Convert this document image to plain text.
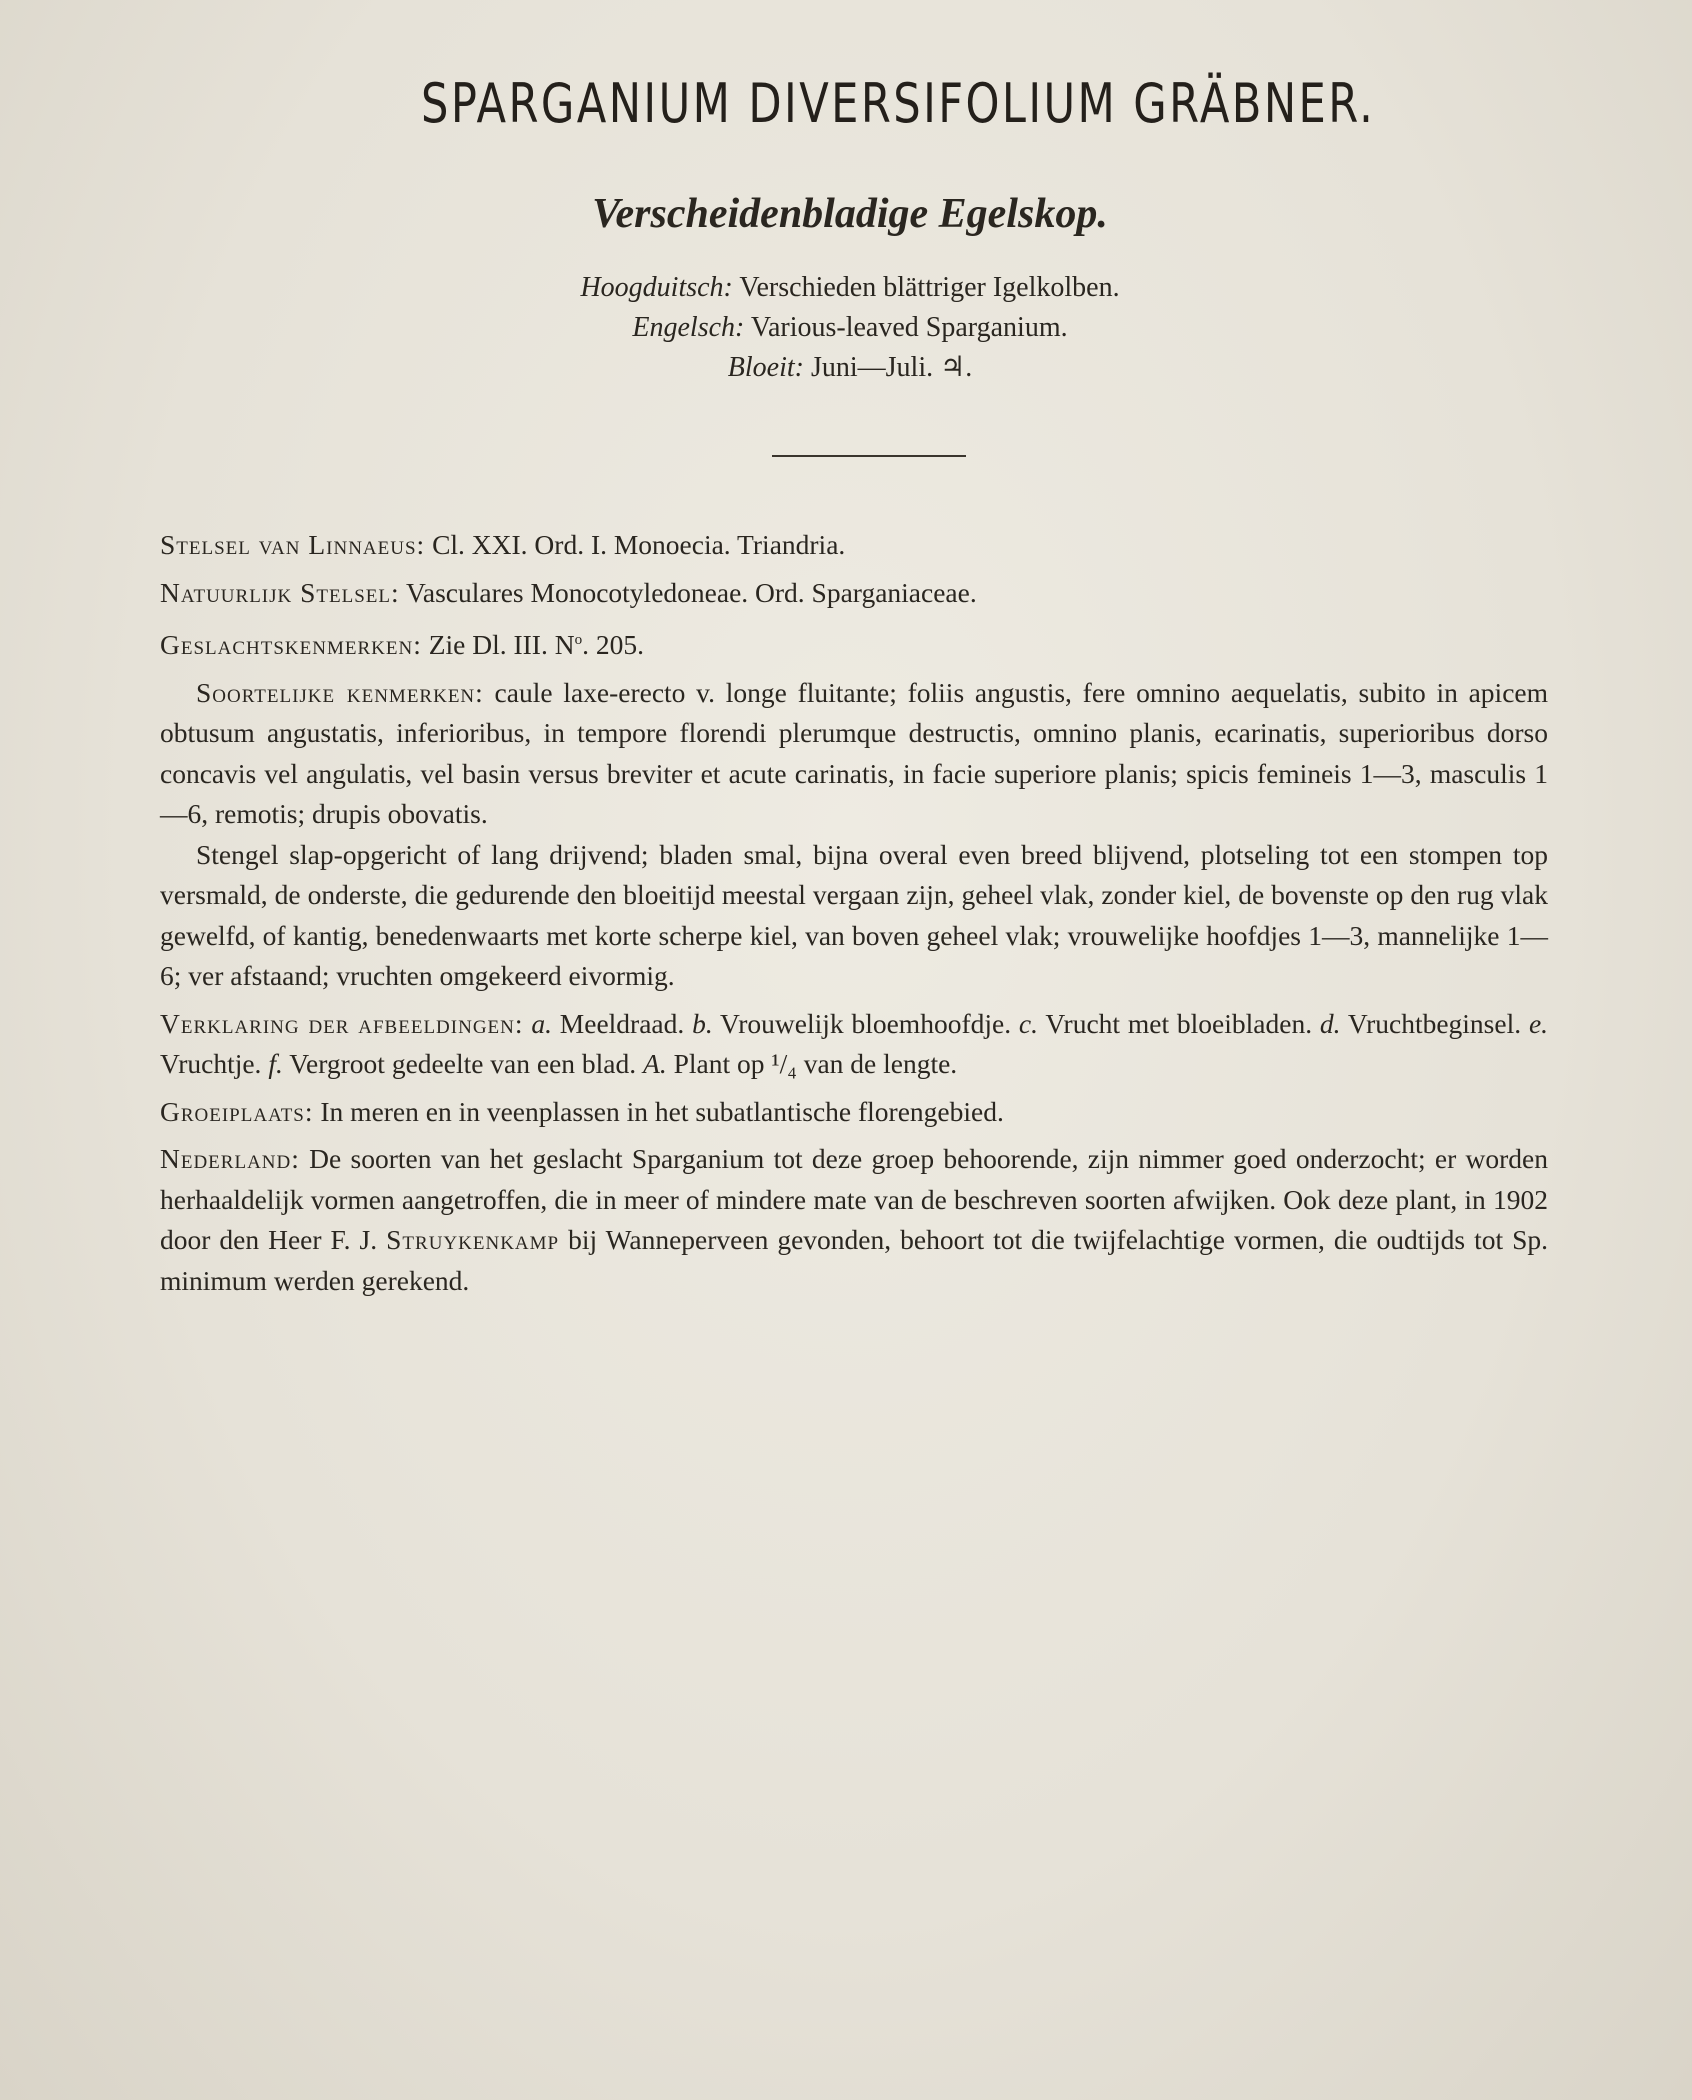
SPARGANIUM DIVERSIFOLIUM GRÄBNER.
Verscheidenbladige Egelskop.
Hoogduitsch: Verschieden blättriger Igelkolben.
Engelsch: Various-leaved Sparganium.
Bloeit: Juni—Juli. ♃.

Stelsel van Linnaeus: Cl. XXI. Ord. I. Monoecia. Triandria.

Natuurlijk Stelsel: Vasculares Monocotyledoneae. Ord. Sparganiaceae.

Geslachtskenmerken: Zie Dl. III. $N^o$. 205.

Soortelijke kenmerken: caule laxe-erecto v. longe fluitante; foliis angustis, fere omnino aequelatis, subito in apicem obtusum angustatis, inferioribus, in tempore florendi plerumque destructis, omnino planis, ecarinatis, superioribus dorso concavis vel angulatis, vel basin versus breviter et acute carinatis, in facie superiore planis; spicis femineis 1—3, masculis 1—6, remotis; drupis obovatis.

Stengel slap-opgericht of lang drijvend; bladen smal, bijna overal even breed blijvend, plotseling tot een stompen top versmald, de onderste, die gedurende den bloeitijd meestal vergaan zijn, geheel vlak, zonder kiel, de bovenste op den rug vlak gewelfd, of kantig, benedenwaarts met korte scherpe kiel, van boven geheel vlak; vrouwelijke hoofdjes 1—3, mannelijke 1—6; ver afstaand; vruchten omgekeerd eivormig.

Verklaring der afbeeldingen: a. Meeldraad. b. Vrouwelijk bloemhoofdje. c. Vrucht met bloeibladen. d. Vruchtbeginsel. e. Vruchtje. f. Vergroot gedeelte van een blad. A. Plant op ¹/₄ van de lengte.

Groeiplaats: In meren en in veenplassen in het subatlantische florengebied.

Nederland: De soorten van het geslacht Sparganium tot deze groep behoorende, zijn nimmer goed onderzocht; er worden herhaaldelijk vormen aangetroffen, die in meer of mindere mate van de beschreven soorten afwijken. Ook deze plant, in 1902 door den Heer F. J. Struykenkamp bij Wanneperveen gevonden, behoort tot die twijfelachtige vormen, die oudtijds tot Sp. minimum werden gerekend.
